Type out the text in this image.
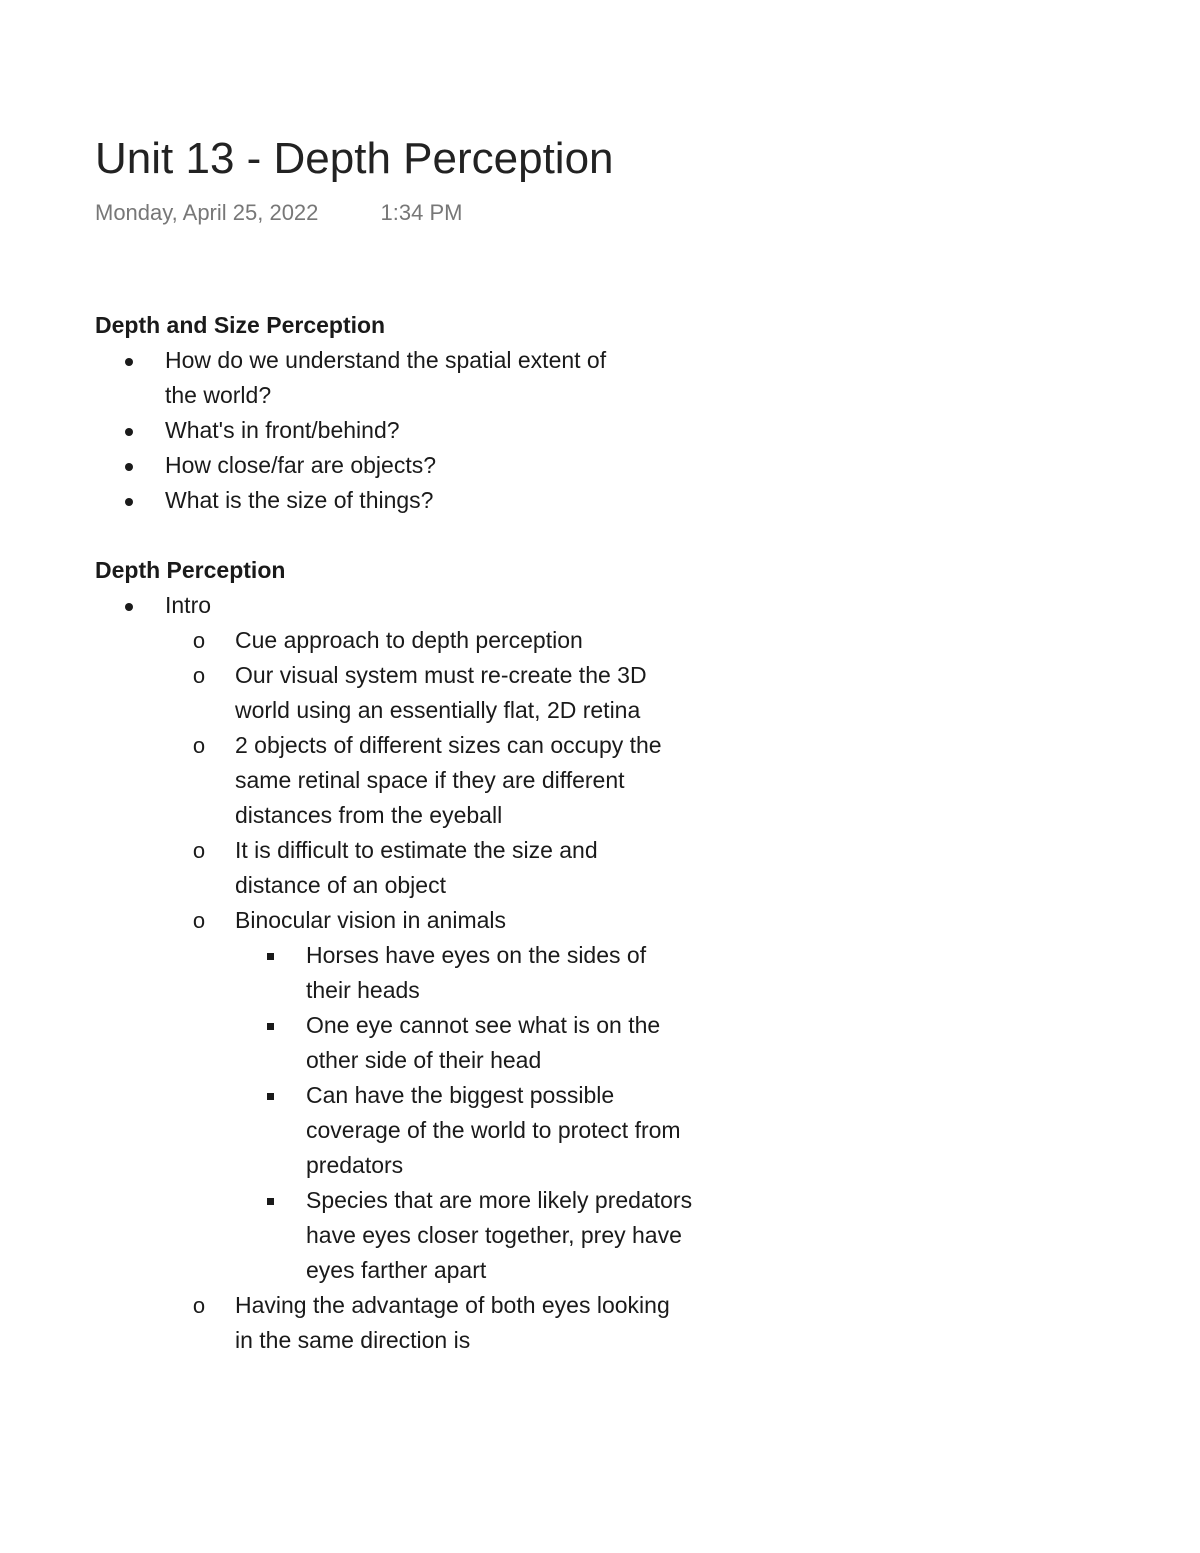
Unit 13 - Depth Perception
Monday, April 25, 2022	1:34 PM
Depth and Size Perception
How do we understand the spatial extent of the world?
What's in front/behind?
How close/far are objects?
What is the size of things?
Depth Perception
Intro
o Cue approach to depth perception
o Our visual system must re-create the 3D world using an essentially flat, 2D retina
o 2 objects of different sizes can occupy the same retinal space if they are different distances from the eyeball
o It is difficult to estimate the size and distance of an object
o Binocular vision in animals
Horses have eyes on the sides of their heads
One eye cannot see what is on the other side of their head
Can have the biggest possible coverage of the world to protect from predators
Species that are more likely predators have eyes closer together, prey have eyes farther apart
o Having the advantage of both eyes looking in the same direction is
